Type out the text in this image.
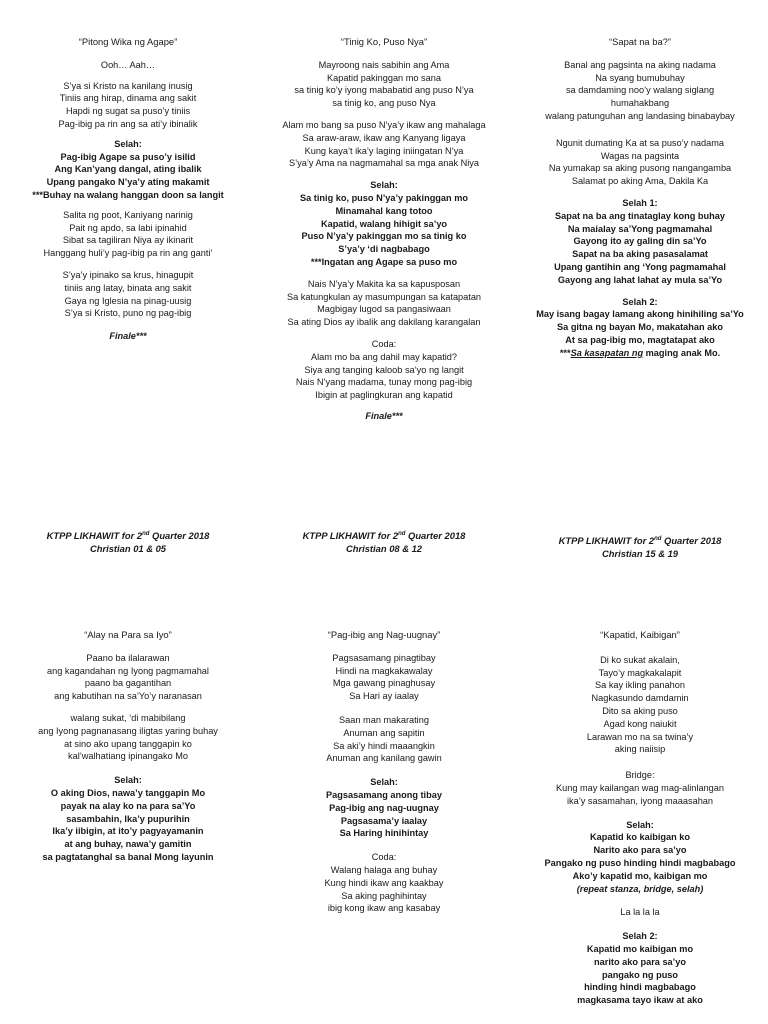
“Pitong Wika ng Agape”
Ooh… Aah…
S’ya si Kristo na kanilang inusig
Tiniis ang hirap, dinama ang sakit
Hapdi ng sugat sa puso’y tiniis
Pag-ibig pa rin ang sa ati’y ibinalik
Selah:
Pag-ibig Agape sa puso’y isilid
Ang Kan’yang dangal, ating ibalik
Upang pangako N’ya’y ating makamit
***Buhay na walang hanggan doon sa langit
Salita ng poot, Kaniyang narinig
Pait ng apdo, sa labi ipinahid
Sibat sa tagiliran Niya ay ikinarit
Hanggang huli’y pag-ibig pa rin ang ganti’
S’ya’y ipinako sa krus, hinagupit
tiniis ang latay, binata ang sakit
Gaya ng Iglesia na pinag-uusig
S’ya si Kristo, puno ng pag-ibig
Finale***
“Tinig Ko, Puso Nya”
Mayroong nais sabihin ang Ama
Kapatid pakinggan mo sana
sa tinig ko’y iyong mababatid ang puso N’ya
sa tinig ko, ang puso Nya
Alam mo bang sa puso N’ya’y ikaw ang mahalaga
Sa araw-araw, ikaw ang Kanyang ligaya
Kung kaya’t ika’y laging iniingatan N’ya
S’ya’y Ama na nagmamahal sa mga anak Niya
Selah:
Sa tinig ko, puso N’ya’y pakinggan mo
Minamahal kang totoo
Kapatid, walang hihigit sa’yo
Puso N’ya’y pakinggan mo sa tinig ko
S’ya’y ‘di nagbabago
***Ingatan ang Agape sa puso mo
Nais N’ya’y Makita ka sa kapusposan
Sa katungkulan ay masumpungan sa katapatan
Magbigay lugod sa pangasiwaan
Sa ating Dios ay ibalik ang dakilang karangalan
Coda:
Alam mo ba ang dahil may kapatid?
Siya ang tanging kaloob sa’yo ng langit
Nais N’yang madama, tunay mong pag-ibig
Ibigin at paglingkuran ang kapatid
Finale***
“Sapat na ba?”
Banal ang pagsinta na aking nadama
Na syang bumubuhay
sa damdaming noo’y walang siglang
humahakbang
walang patunguhan ang landasing binabaybay
Ngunit dumating Ka at sa puso’y nadama
Wagas na pagsinta
Na yumakap sa aking pusong nangangamba
Salamat po aking Ama, Dakila Ka
Selah 1:
Sapat na ba ang tinataglay kong buhay
Na maialay sa’Yong pagmamahal
Gayong ito ay galing din sa’Yo
Sapat na ba aking pasasalamat
Upang gantihin ang ‘Yong pagmamahal
Gayong ang lahat lahat ay mula sa’Yo
Selah 2:
May isang bagay lamang akong hinihiling sa’Yo
Sa gitna ng bayan Mo, makatahan ako
At sa pag-ibig mo, magtatapat ako
***Sa kasapatan ng maging anak Mo.
KTPP LIKHAWIT for 2nd Quarter 2018
Christian 01 & 05
KTPP LIKHAWIT for 2nd Quarter 2018
Christian 08 & 12
KTPP LIKHAWIT for 2nd Quarter 2018
Christian 15 & 19
“Alay na Para sa Iyo”
Paano ba ilalarawan
ang kagandahan ng Iyong pagmamahal
paano ba gagantihan
ang kabutihan na sa’Yo’y naranasan
walang sukat, ‘di mabibilang
ang Iyong pagnanasang iligtas yaring buhay
at sino ako upang tanggapin ko
kal’walhatiang ipinangako Mo
Selah:
O aking Dios, nawa’y tanggapin Mo
payak na alay ko na para sa’Yo
sasambahin, Ika’y pupurihin
Ika’y iibigin, at ito’y pagyayamanin
at ang buhay, nawa’y gamitin
sa pagtatanghal sa banal Mong layunin
“Pag-ibig ang Nag-uugnay”
Pagsasamang pinagtibay
Hindi na magkakawalay
Mga gawang pinaghusay
Sa Hari ay iaalay
Saan man makarating
Anuman ang sapitin
Sa aki’y hindi maaangkin
Anuman ang kanilang gawin
Selah:
Pagsasamang anong tibay
Pag-ibig ang nag-uugnay
Pagsasama’y iaalay
Sa Haring hinihintay
Coda:
Walang halaga ang buhay
Kung hindi ikaw ang kaakbay
Sa aking paghihintay
ibig kong ikaw ang kasabay
“Kapatid, Kaibigan”
Di ko sukat akalain,
Tayo’y magkakalapit
Sa kay ikling panahon
Nagkasundo damdamin
Dito sa aking puso
Agad kong naiukit
Larawan mo na sa twina’y
aking naiisip
Bridge:
Kung may kailangan wag mag-alinlangan
ika’y sasamahan, iyong maaasahan
Selah:
Kapatid ko kaibigan ko
Narito ako para sa’yo
Pangako ng puso hinding hindi magbabago
Ako’y kapatid mo, kaibigan mo
(repeat stanza, bridge, selah)
La la la la
Selah 2:
Kapatid mo kaibigan mo
narito ako para sa’yo
pangako ng puso
hinding hindi magbabago
magkasama tayo ikaw at ako
